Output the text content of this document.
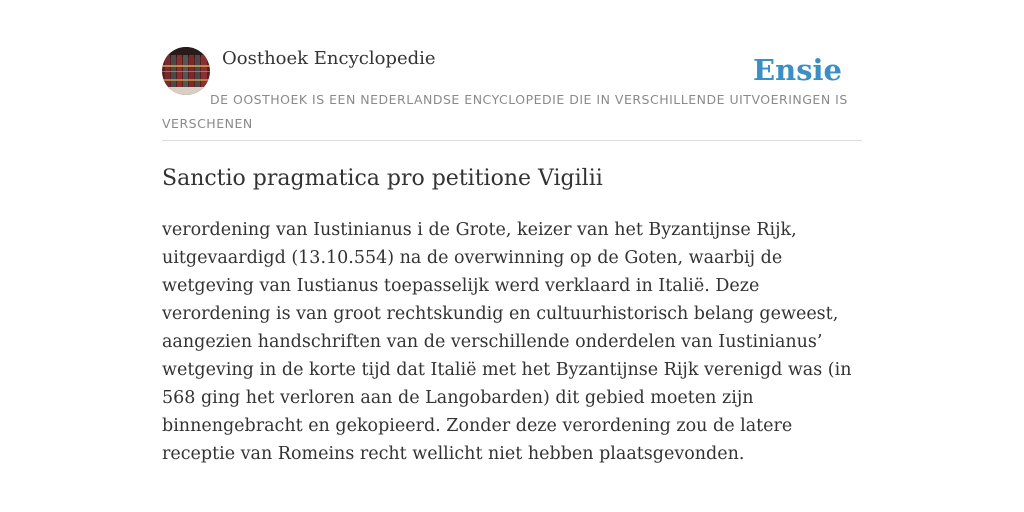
Oosthoek Encyclopedie	Ensie
DE OOSTHOEK IS EEN NEDERLANDSE ENCYCLOPEDIE DIE IN VERSCHILLENDE UITVOERINGEN IS VERSCHENEN
Sanctio pragmatica pro petitione Vigilii

verordening van Iustinianus i de Grote, keizer van het Byzantijnse Rijk, uitgevaardigd (13.10.554) na de overwinning op de Goten, waarbij de wetgeving van Iustianus toepasselijk werd verklaard in Italië. Deze verordening is van groot rechtskundig en cultuurhistorisch belang geweest, aangezien handschriften van de verschillende onderdelen van Iustinianus’ wetgeving in de korte tijd dat Italië met het Byzantijnse Rijk verenigd was (in 568 ging het verloren aan de Langobarden) dit gebied moeten zijn binnengebracht en gekopieerd. Zonder deze verordening zou de latere receptie van Romeins recht wellicht niet hebben plaatsgevonden.
